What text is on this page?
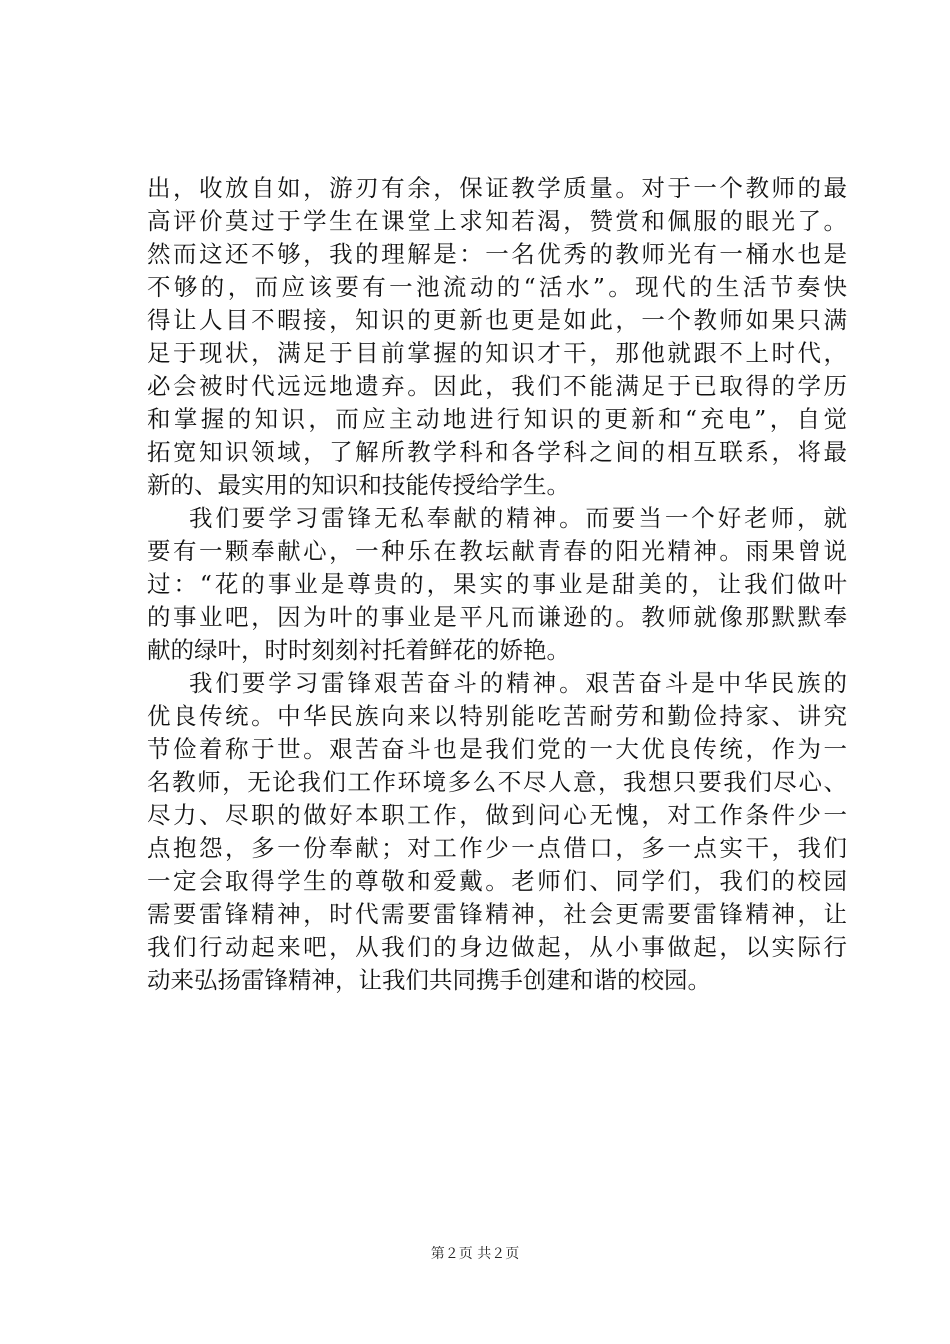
出，收放自如，游刃有余，保证教学质量。对于一个教师的最
高评价莫过于学生在课堂上求知若渴，赞赏和佩服的眼光了。
然而这还不够，我的理解是：一名优秀的教师光有一桶水也是
不够的，而应该要有一池流动的“活水”。现代的生活节奏快
得让人目不暇接，知识的更新也更是如此，一个教师如果只满
足于现状，满足于目前掌握的知识才干，那他就跟不上时代，
必会被时代远远地遗弃。因此，我们不能满足于已取得的学历
和掌握的知识，而应主动地进行知识的更新和“充电”，自觉
拓宽知识领域，了解所教学科和各学科之间的相互联系，将最
新的、最实用的知识和技能传授给学生。
我们要学习雷锋无私奉献的精神。而要当一个好老师，就
要有一颗奉献心，一种乐在教坛献青春的阳光精神。雨果曾说
过：“花的事业是尊贵的，果实的事业是甜美的，让我们做叶
的事业吧，因为叶的事业是平凡而谦逊的。教师就像那默默奉
献的绿叶，时时刻刻衬托着鲜花的娇艳。
我们要学习雷锋艰苦奋斗的精神。艰苦奋斗是中华民族的
优良传统。中华民族向来以特别能吃苦耐劳和勤俭持家、讲究
节俭着称于世。艰苦奋斗也是我们党的一大优良传统，作为一
名教师，无论我们工作环境多么不尽人意，我想只要我们尽心、
尽力、尽职的做好本职工作，做到问心无愧，对工作条件少一
点抱怨，多一份奉献；对工作少一点借口，多一点实干，我们
一定会取得学生的尊敬和爱戴。老师们、同学们，我们的校园
需要雷锋精神，时代需要雷锋精神，社会更需要雷锋精神，让
我们行动起来吧，从我们的身边做起，从小事做起，以实际行
动来弘扬雷锋精神，让我们共同携手创建和谐的校园。
第２页 共２页
